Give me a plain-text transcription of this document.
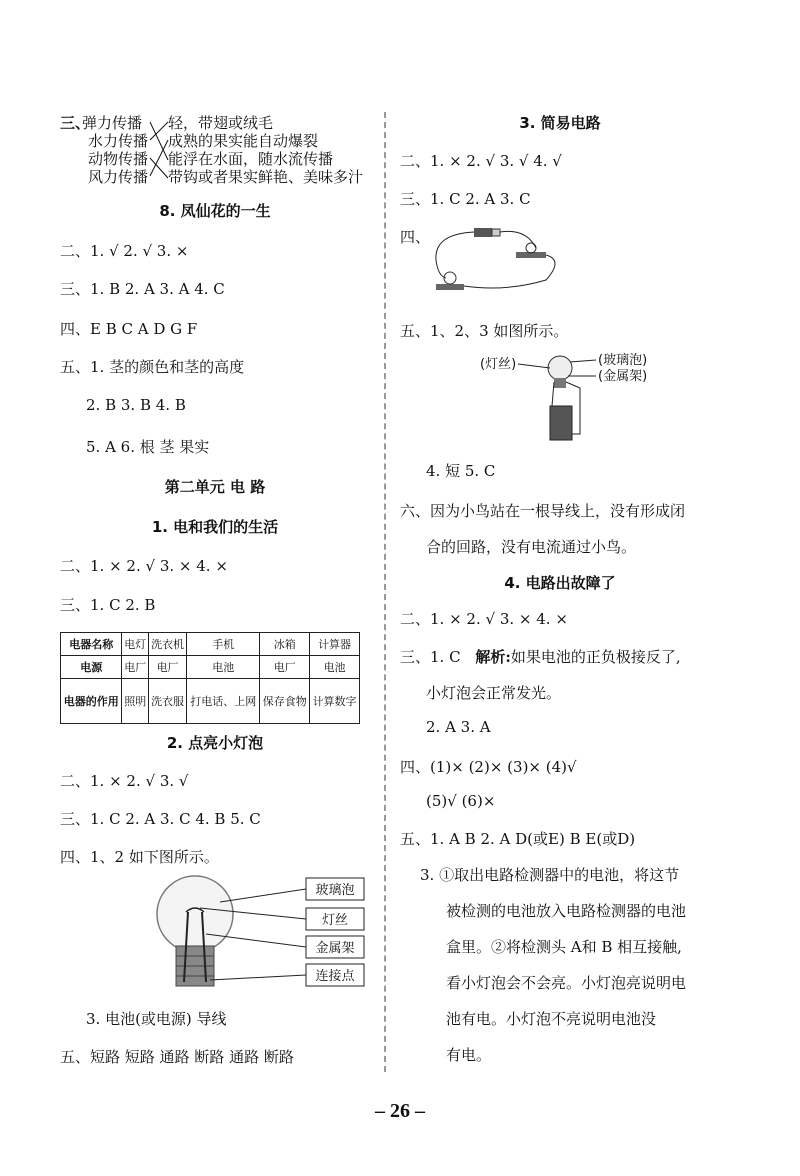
三、
弹力传播
水力传播
动物传播
风力传播
轻，带翅或绒毛
成熟的果实能自动爆裂
能浮在水面，随水流传播
带钩或者果实鲜艳、美味多汁
8. 凤仙花的一生
二、1. √ 2. √ 3. ×
三、1. B 2. A 3. A 4. C
四、E B C A D G F
五、1. 茎的颜色和茎的高度
2. B 3. B 4. B
5. A 6. 根 茎 果实
第二单元 电 路
1. 电和我们的生活
二、1. × 2. √ 3. × 4. ×
三、1. C 2. B
电器名称	电灯	洗衣机	手机	冰箱	计算器
电源	电厂	电厂	电池	电厂	电池
电器的作用	照明	洗衣服	打电话、上网	保存食物	计算数字
2. 点亮小灯泡
二、1. × 2. √ 3. √
三、1. C 2. A 3. C 4. B 5. C
四、1、2 如下图所示。
玻璃泡
灯丝
金属架
连接点
3. 电池(或电源) 导线
五、短路 短路 通路 断路 通路 断路
3. 简易电路
二、1. × 2. √ 3. √ 4. √
三、1. C 2. A 3. C
四、
五、1、2、3 如图所示。
(灯丝)	(玻璃泡)
(金属架)
4. 短 5. C
六、因为小鸟站在一根导线上，没有形成闭
合的回路，没有电流通过小鸟。
4. 电路出故障了
二、1. × 2. √ 3. × 4. ×
三、1. C 解析:如果电池的正负极接反了,
小灯泡会正常发光。
2. A 3. A
四、(1)× (2)× (3)× (4)√
(5)√ (6)×
五、1. A B 2. A D(或E) B E(或D)
3. ①取出电路检测器中的电池，将这节
被检测的电池放入电路检测器的电池
盒里。②将检测头 A和 B 相互接触,
看小灯泡会不会亮。小灯泡亮说明电
池有电。小灯泡不亮说明电池没
有电。
– 26 –
